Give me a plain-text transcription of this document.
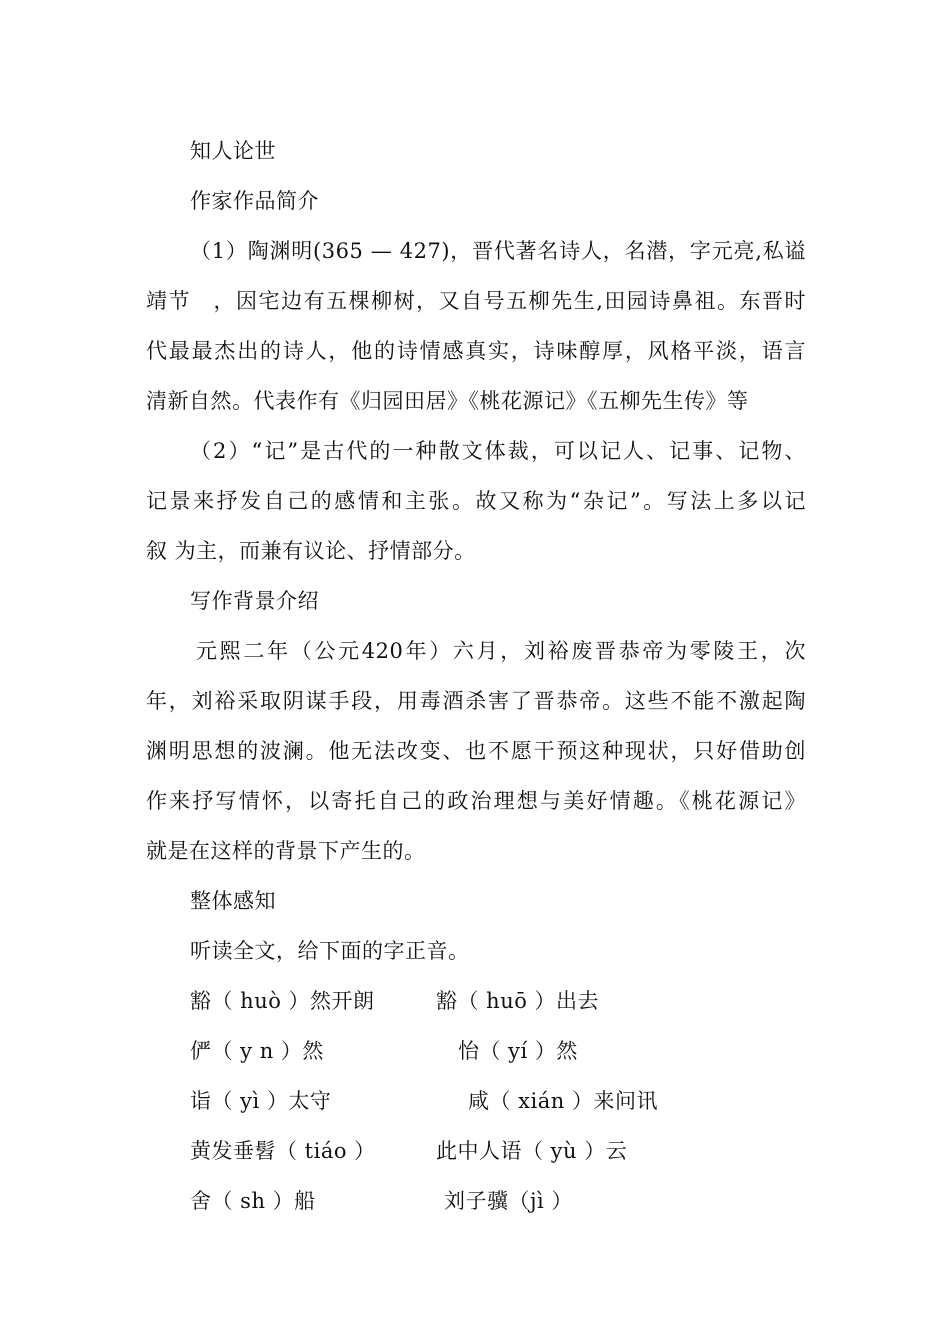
知人论世
作家作品简介
（1）陶渊明(365 — 427)，晋代著名诗人，名潜，字元亮,私谥
靖节　，因宅边有五棵柳树，又自号五柳先生,田园诗鼻祖。东晋时
代最最杰出的诗人，他的诗情感真实，诗味醇厚，风格平淡，语言
清新自然。代表作有《归园田居》《桃花源记》《五柳先生传》等
（2）“记”是古代的一种散文体裁，可以记人、记事、记物、
记景来抒发自己的感情和主张。故又称为“杂记”。写法上多以记
叙 为主，而兼有议论、抒情部分。
写作背景介绍
元熙二年（公元420年）六月，刘裕废晋恭帝为零陵王，次
年，刘裕采取阴谋手段，用毒酒杀害了晋恭帝。这些不能不激起陶
渊明思想的波澜。他无法改变、也不愿干预这种现状，只好借助创
作来抒写情怀，以寄托自己的政治理想与美好情趣。《桃花源记》
就是在这样的背景下产生的。
整体感知
听读全文，给下面的字正音。
豁（ huò ）然开朗	豁（ huō ）出去
俨（ y n ）然	怡（ yí ）然
诣（ yì ）太守	咸（ xián ）来问讯
黄发垂髫（ tiáo ）	此中人语（ yù ）云
舍（ sh ）船	刘子骥（jì ）
